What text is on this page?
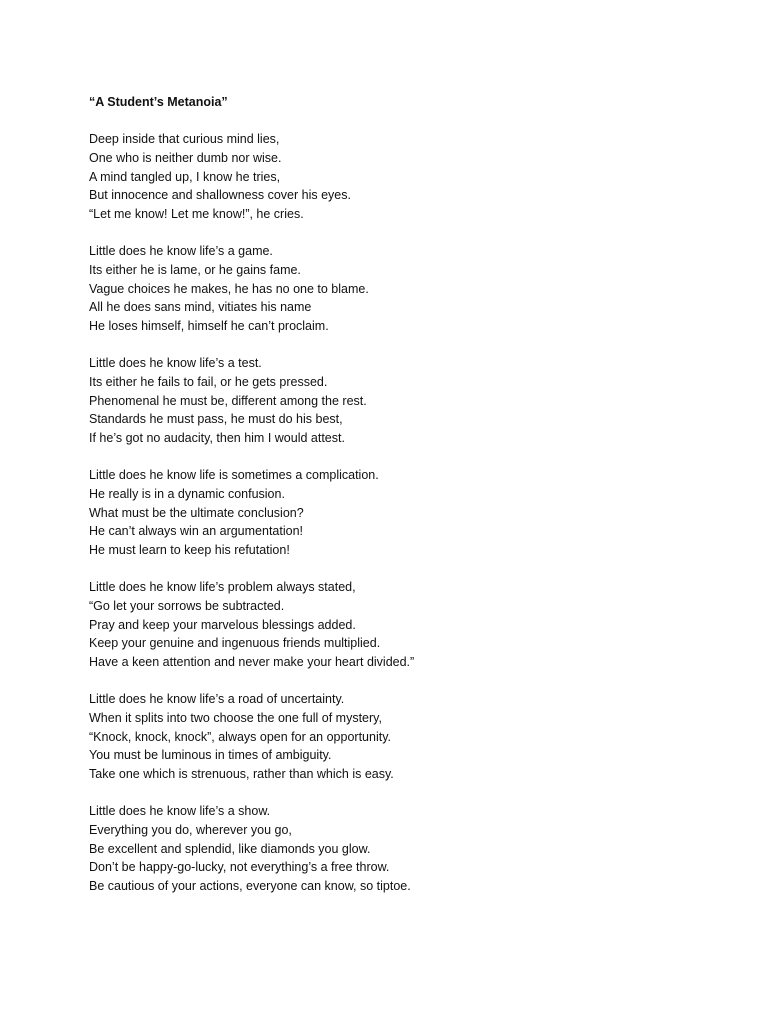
“A Student’s Metanoia”
Deep inside that curious mind lies,
One who is neither dumb nor wise.
A mind tangled up, I know he tries,
But innocence and shallowness cover his eyes.
“Let me know! Let me know!”, he cries.
Little does he know life’s a game.
Its either he is lame, or he gains fame.
Vague choices he makes, he has no one to blame.
All he does sans mind, vitiates his name
He loses himself, himself he can’t proclaim.
Little does he know life’s a test.
Its either he fails to fail, or he gets pressed.
Phenomenal he must be, different among the rest.
Standards he must pass, he must do his best,
If he’s got no audacity, then him I would attest.
Little does he know life is sometimes a complication.
He really is in a dynamic confusion.
What must be the ultimate conclusion?
He can’t always win an argumentation!
He must learn to keep his refutation!
Little does he know life’s problem always stated,
“Go let your sorrows be subtracted.
Pray and keep your marvelous blessings added.
Keep your genuine and ingenuous friends multiplied.
Have a keen attention and never make your heart divided.”
Little does he know life’s a road of uncertainty.
When it splits into two choose the one full of mystery,
“Knock, knock, knock”, always open for an opportunity.
You must be luminous in times of ambiguity.
Take one which is strenuous, rather than which is easy.
Little does he know life’s a show.
Everything you do, wherever you go,
Be excellent and splendid, like diamonds you glow.
Don’t be happy-go-lucky, not everything’s a free throw.
Be cautious of your actions, everyone can know, so tiptoe.
